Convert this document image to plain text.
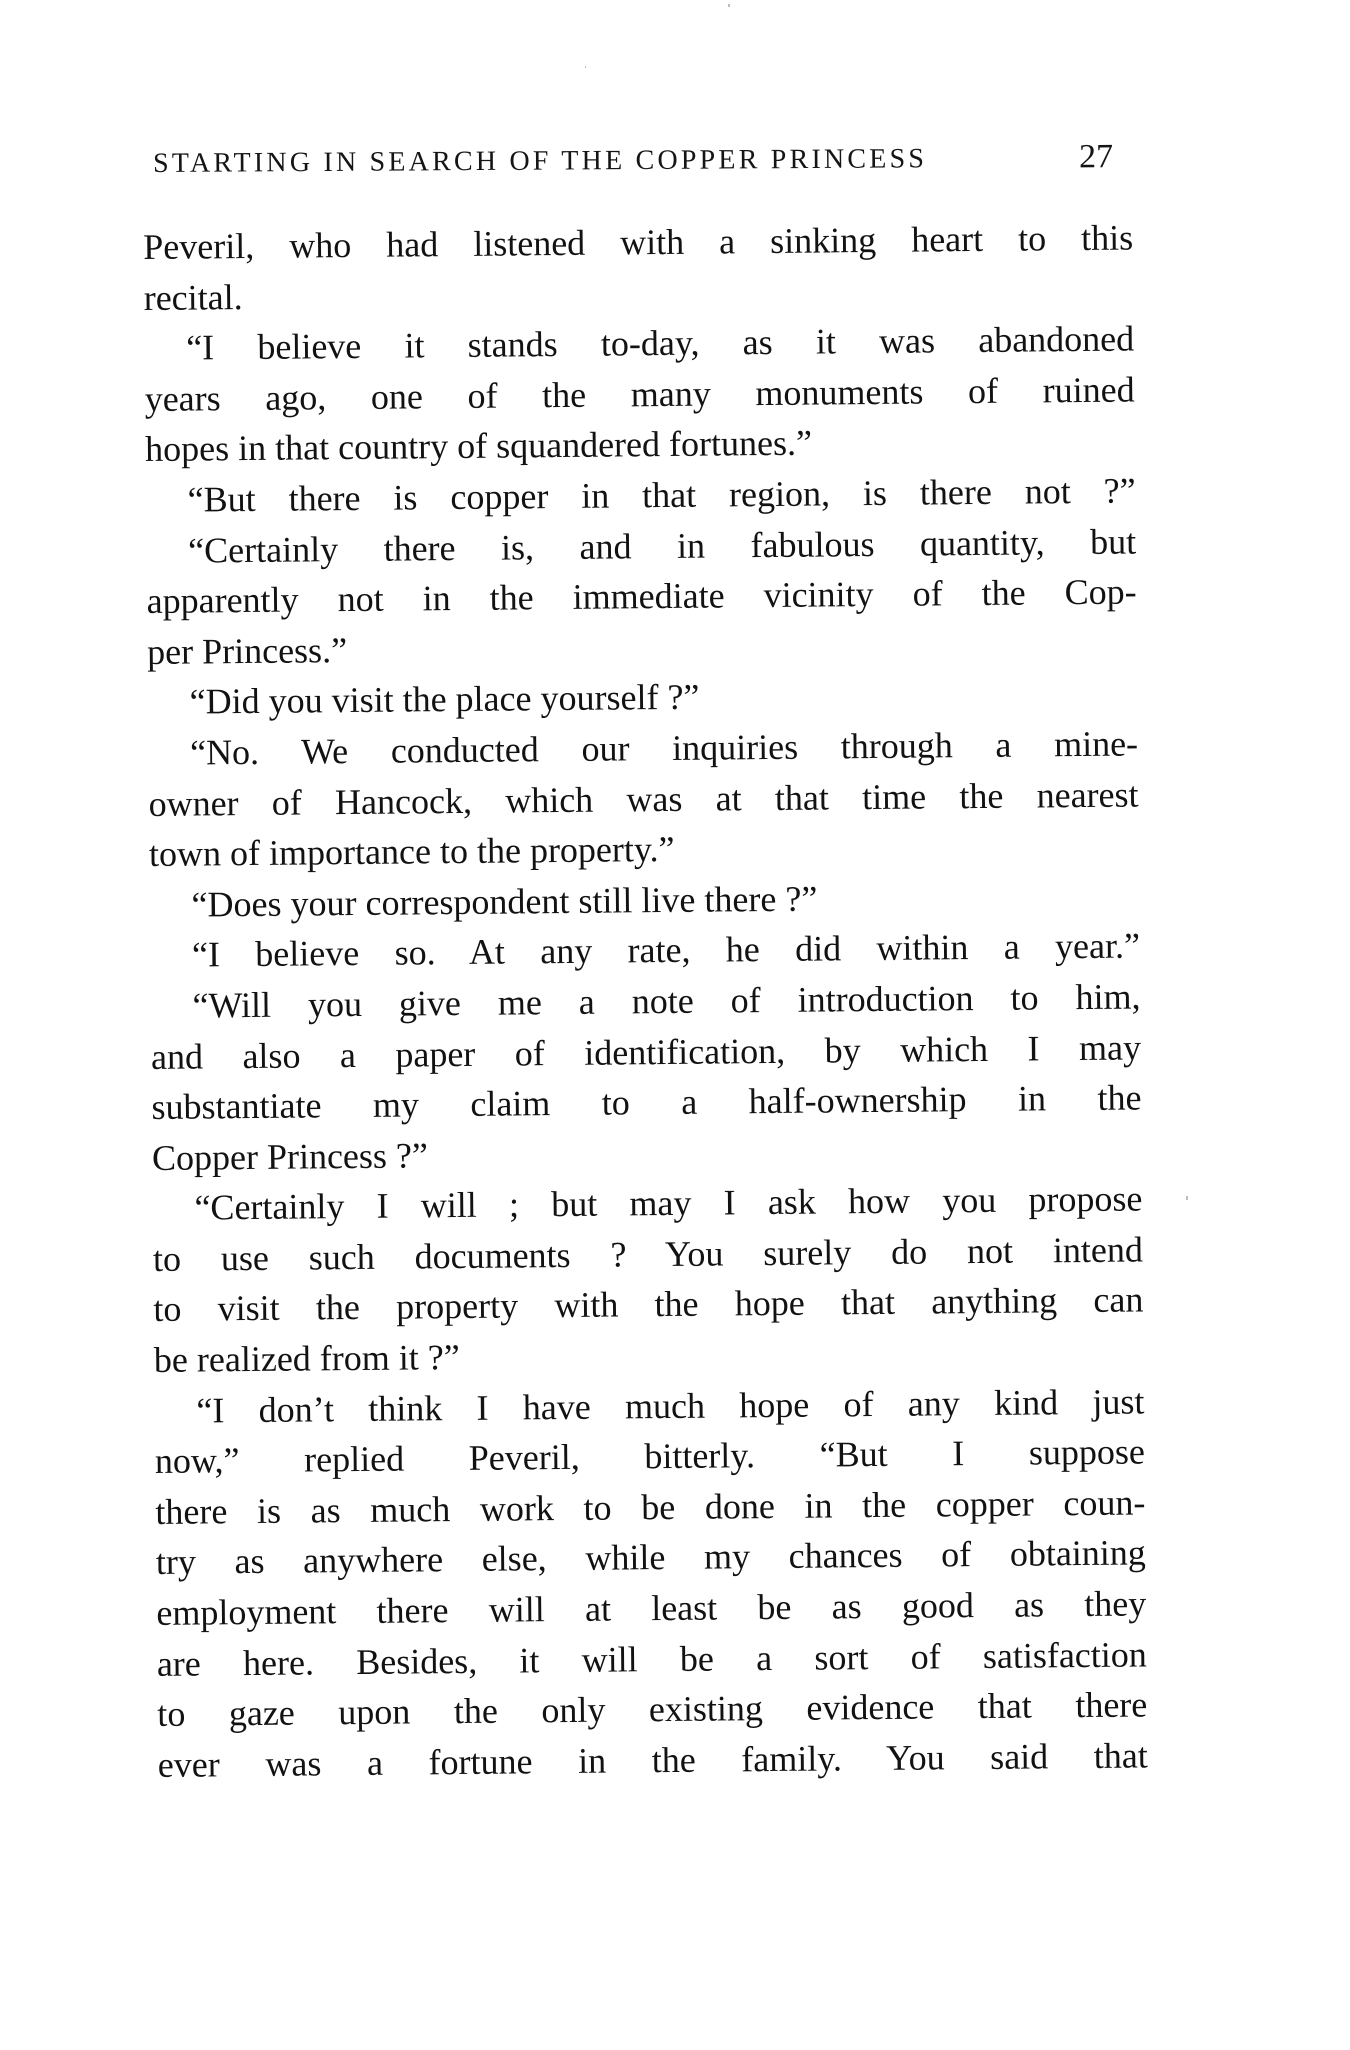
STARTING IN SEARCH OF THE COPPER PRINCESS	27
Peveril, who had listened with a sinking heart to this
recital.
“I believe it stands to-day, as it was abandoned
years ago, one of the many monuments of ruined
hopes in that country of squandered fortunes.”
“But there is copper in that region, is there not ?”
“Certainly there is, and in fabulous quantity, but
apparently not in the immediate vicinity of the Cop-
per Princess.”
“Did you visit the place yourself ?”
“No. We conducted our inquiries through a mine-
owner of Hancock, which was at that time the nearest
town of importance to the property.”
“Does your correspondent still live there ?”
“I believe so. At any rate, he did within a year.”
“Will you give me a note of introduction to him,
and also a paper of identification, by which I may
substantiate my claim to a half-ownership in the
Copper Princess ?”
“Certainly I will ; but may I ask how you propose
to use such documents ? You surely do not intend
to visit the property with the hope that anything can
be realized from it ?”
“I don’t think I have much hope of any kind just
now,” replied Peveril, bitterly. “But I suppose
there is as much work to be done in the copper coun-
try as anywhere else, while my chances of obtaining
employment there will at least be as good as they
are here. Besides, it will be a sort of satisfaction
to gaze upon the only existing evidence that there
ever was a fortune in the family. You said that
